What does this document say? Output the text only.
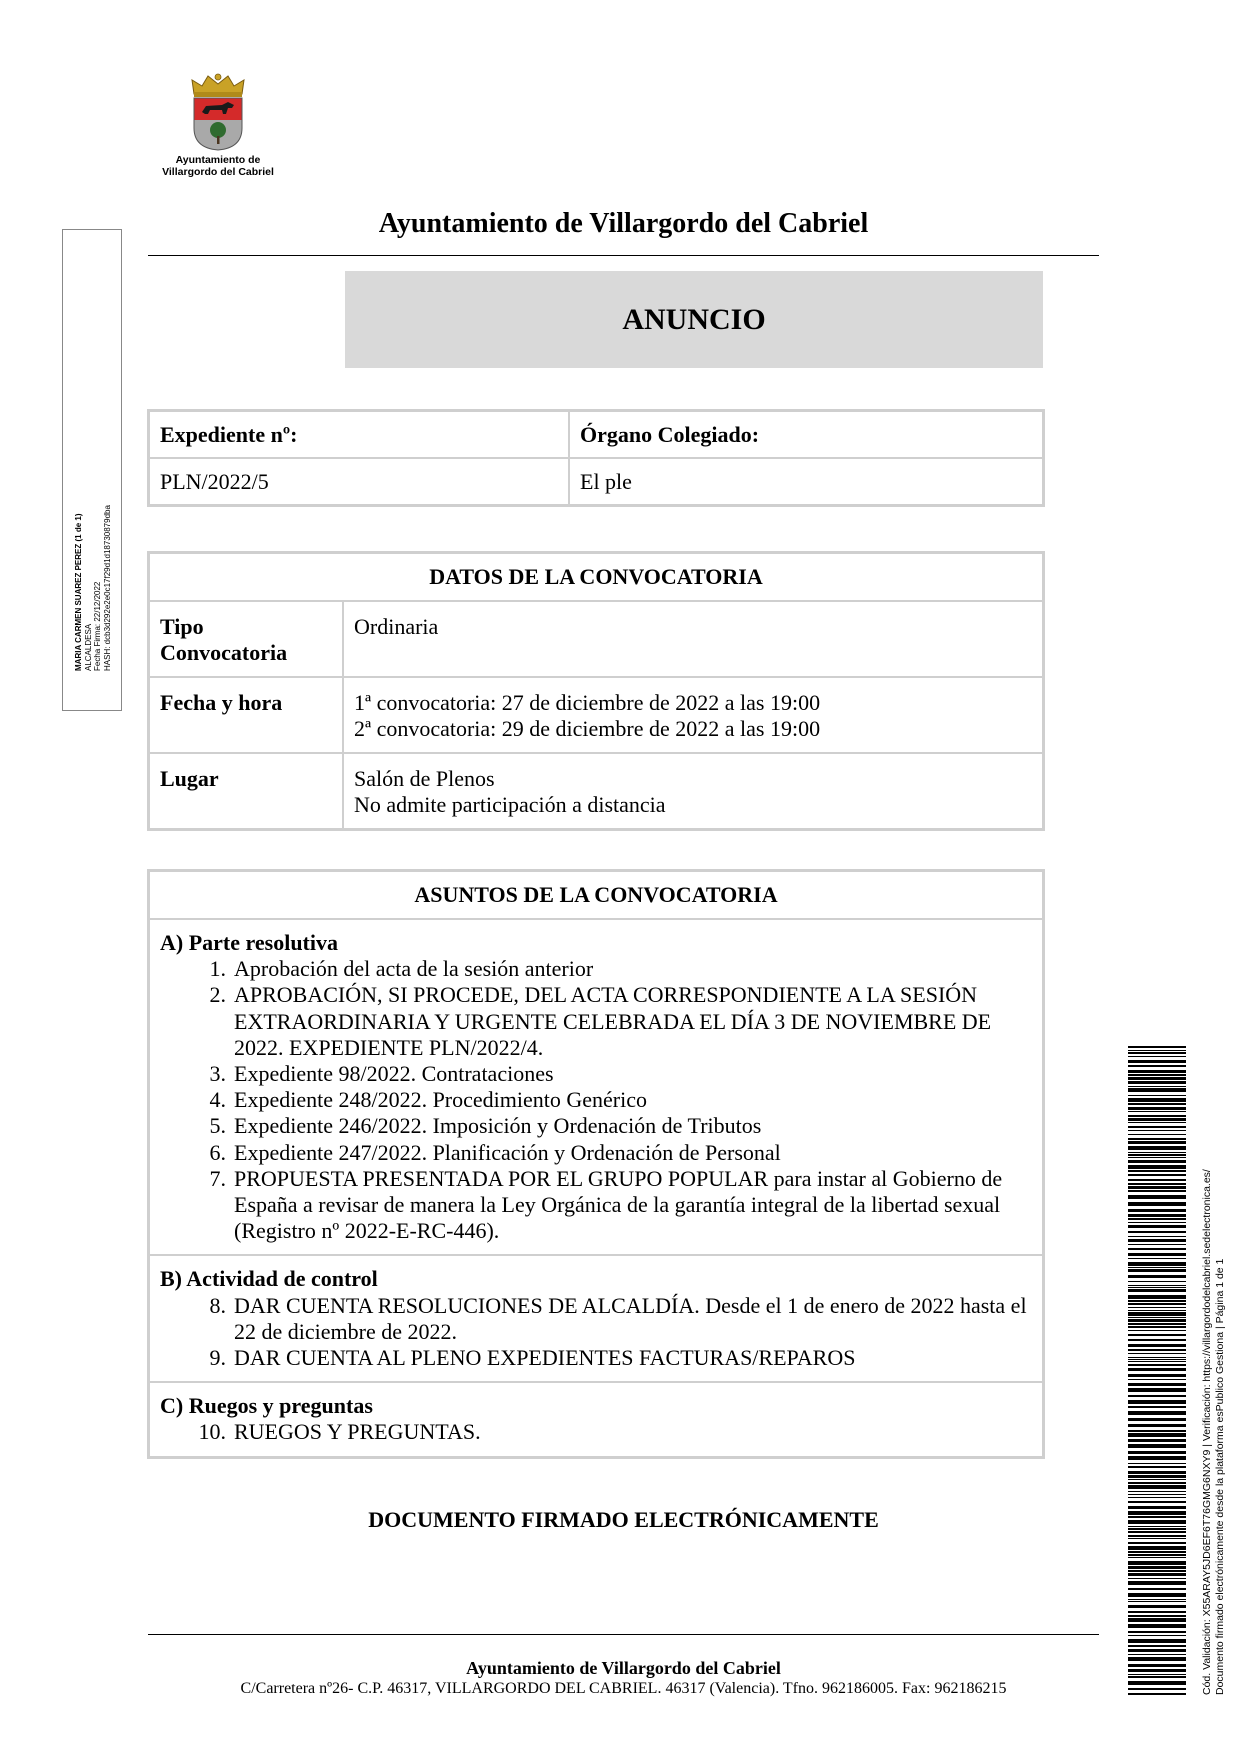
Ayuntamiento de
Villargordo del Cabriel
MARIA CARMEN SUAREZ PEREZ (1 de 1) ALCALDESA Fecha Firma: 22/12/2022 HASH: dcb3d292e2e0c17f29d1d18730879dba
Ayuntamiento de Villargordo del Cabriel
ANUNCIO
Expediente nº:	Órgano Colegiado:
PLN/2022/5	El ple
DATOS DE LA CONVOCATORIA	
Tipo Convocatoria	Ordinaria
Fecha y hora	1ª convocatoria: 27 de diciembre de 2022 a las 19:00
2ª convocatoria: 29 de diciembre de 2022 a las 19:00

Lugar	Salón de Plenos
No admite participación a distancia
ASUNTOS DE LA CONVOCATORIA

A) Parte resolutiva
1. Aprobación del acta de la sesión anterior
2. APROBACIÓN, SI PROCEDE, DEL ACTA CORRESPONDIENTE A LA SESIÓN EXTRAORDINARIA Y URGENTE CELEBRADA EL DÍA 3 DE NOVIEMBRE DE 2022. EXPEDIENTE PLN/2022/4.
3. Expediente 98/2022. Contrataciones
4. Expediente 248/2022. Procedimiento Genérico
5. Expediente 246/2022. Imposición y Ordenación de Tributos
6. Expediente 247/2022. Planificación y Ordenación de Personal
7. PROPUESTA PRESENTADA POR EL GRUPO POPULAR para instar al Gobierno de España a revisar de manera la Ley Orgánica de la garantía integral de la libertad sexual (Registro nº 2022-E-RC-446).

B) Actividad de control
8. DAR CUENTA RESOLUCIONES DE ALCALDÍA. Desde el 1 de enero de 2022 hasta el 22 de diciembre de 2022.
9. DAR CUENTA AL PLENO EXPEDIENTES FACTURAS/REPAROS

C) Ruegos y preguntas
10. RUEGOS Y PREGUNTAS.
DOCUMENTO FIRMADO ELECTRÓNICAMENTE
Ayuntamiento de Villargordo del Cabriel
C/Carretera nº26- C.P. 46317, VILLARGORDO DEL CABRIEL. 46317 (Valencia). Tfno. 962186005. Fax: 962186215	Cód. Validación: X55ARAY5JD6EF6T76GMG6NXY9 | Verificación: https://villargordodelcabriel.sedelectronica.es/ Documento firmado electrónicamente desde la plataforma esPublico Gestiona | Página 1 de 1
